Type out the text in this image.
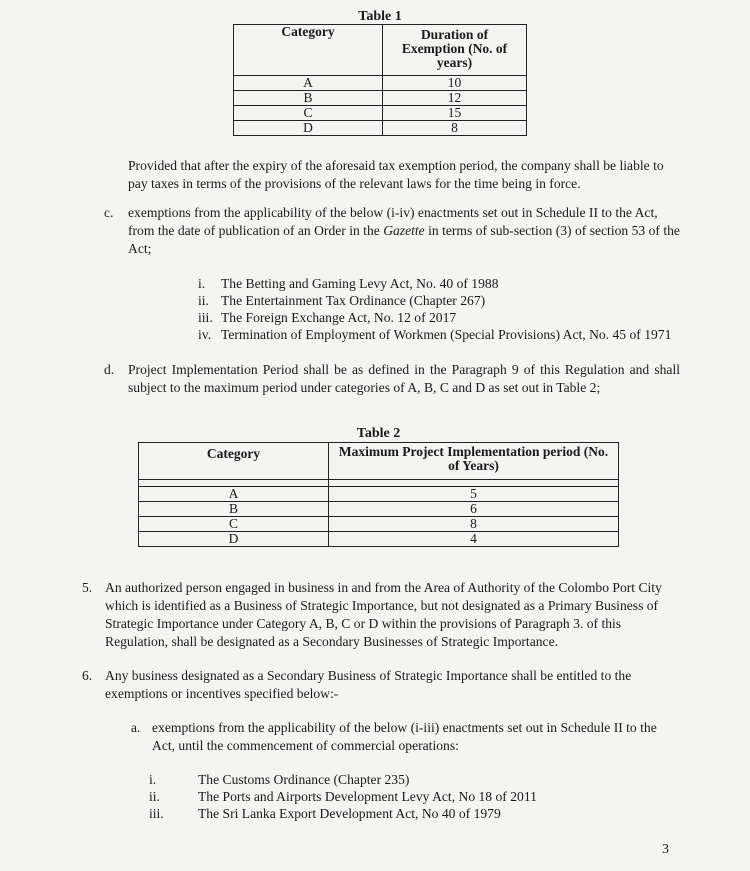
Table 1
Category	Duration of Exemption (No. of years)
A	10
B	12
C	15
D	8
Provided that after the expiry of the aforesaid tax exemption period, the company shall be liable to pay taxes in terms of the provisions of the relevant laws for the time being in force.
c. exemptions from the applicability of the below (i-iv) enactments set out in Schedule II to the Act, from the date of publication of an Order in the Gazette in terms of sub-section (3) of section 53 of the Act;
i. The Betting and Gaming Levy Act, No. 40 of 1988
ii. The Entertainment Tax Ordinance (Chapter 267)
iii. The Foreign Exchange Act, No. 12 of 2017
iv. Termination of Employment of Workmen (Special Provisions) Act, No. 45 of 1971
d. Project Implementation Period shall be as defined in the Paragraph 9 of this Regulation and shall subject to the maximum period under categories of A, B, C and D as set out in Table 2;
Table 2
Category	Maximum Project Implementation period (No. of Years)

A	5
B	6
C	8
D	4
5. An authorized person engaged in business in and from the Area of Authority of the Colombo Port City which is identified as a Business of Strategic Importance, but not designated as a Primary Business of Strategic Importance under Category A, B, C or D within the provisions of Paragraph 3. of this Regulation, shall be designated as a Secondary Businesses of Strategic Importance.
6. Any business designated as a Secondary Business of Strategic Importance shall be entitled to the exemptions or incentives specified below:-
a. exemptions from the applicability of the below (i-iii) enactments set out in Schedule II to the Act, until the commencement of commercial operations:
i.	The Customs Ordinance (Chapter 235)
ii.	The Ports and Airports Development Levy Act, No 18 of 2011
iii.	The Sri Lanka Export Development Act, No 40 of 1979
3
